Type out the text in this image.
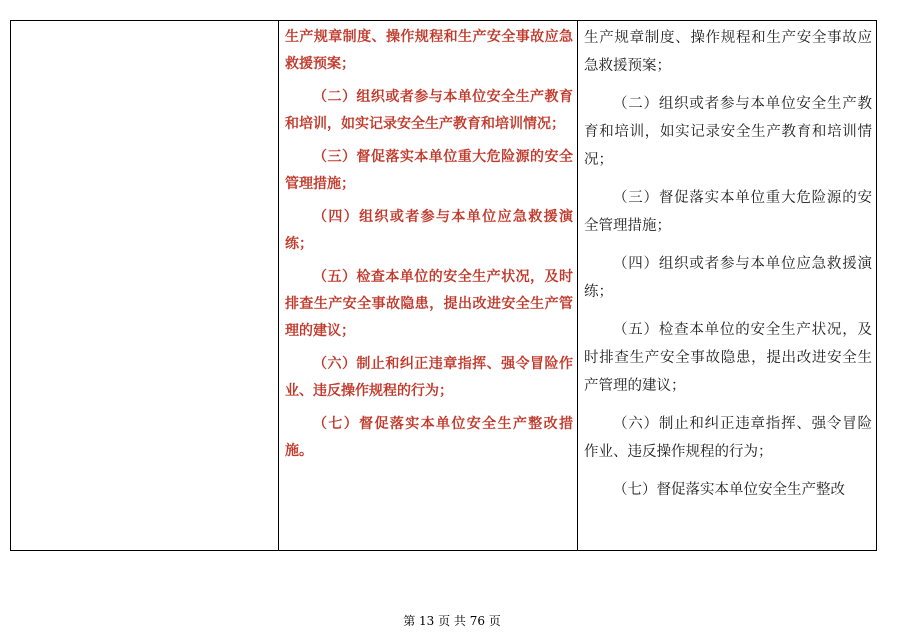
生产规章制度、操作规程和生产安全事故应急救援预案；

（二）组织或者参与本单位安全生产教育和培训，如实记录安全生产教育和培训情况；

（三）督促落实本单位重大危险源的安全管理措施；

（四）组织或者参与本单位应急救援演练；

（五）检查本单位的安全生产状况，及时排查生产安全事故隐患，提出改进安全生产管理的建议；

（六）制止和纠正违章指挥、强令冒险作业、违反操作规程的行为；

（七）督促落实本单位安全生产整改措施。

生产规章制度、操作规程和生产安全事故应急救援预案；

（二）组织或者参与本单位安全生产教育和培训，如实记录安全生产教育和培训情况；

（三）督促落实本单位重大危险源的安全管理措施；

（四）组织或者参与本单位应急救援演练；

（五）检查本单位的安全生产状况，及时排查生产安全事故隐患，提出改进安全生产管理的建议；

（六）制止和纠正违章指挥、强令冒险作业、违反操作规程的行为；

（七）督促落实本单位安全生产整改

第 13 页 共 76 页
